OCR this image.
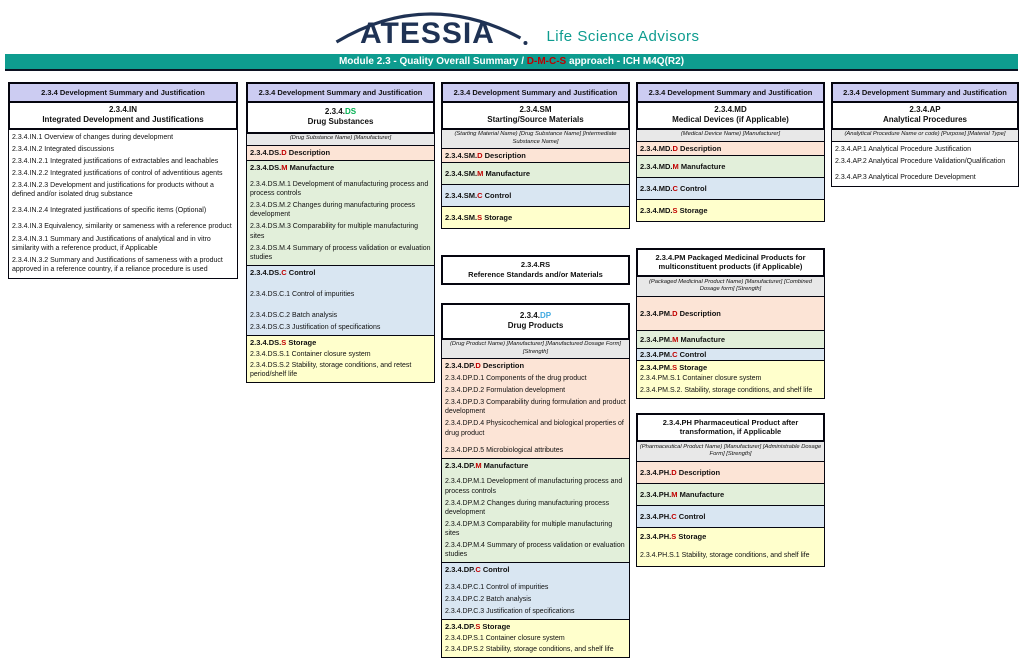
ATESSIA	Life Science Advisors
Module 2.3 - Quality Overall Summary / D-M-C-S approach - ICH M4Q(R2)
2.3.4 Development Summary and Justification
2.3.4.IN
Integrated Development and Justifications
2.3.4.IN.1 Overview of changes during development
2.3.4.IN.2 Integrated discussions
2.3.4.IN.2.1 Integrated justifications of extractables and leachables
2.3.4.IN.2.2 Integrated justifications of control of adventitious agents
2.3.4.IN.2.3 Development and justifications for products without a defined and/or isolated drug substance
2.3.4.IN.2.4 Integrated justifications of specific items (Optional)
2.3.4.IN.3 Equivalency, similarity or sameness with a reference product
2.3.4.IN.3.1 Summary and Justifications of analytical and in vitro similarity with a reference product, if Applicable
2.3.4.IN.3.2 Summary and Justifications of sameness with a product approved in a reference country, if a reliance procedure is used
2.3.4 Development Summary and Justification
2.3.4.DS
Drug Substances
(Drug Substance Name) [Manufacturer]
2.3.4.DS.D Description
2.3.4.DS.M Manufacture
2.3.4.DS.M.1 Development of manufacturing process and process controls
2.3.4.DS.M.2 Changes during manufacturing process development
2.3.4.DS.M.3 Comparability for multiple manufacturing sites
2.3.4.DS.M.4 Summary of process validation or evaluation studies
2.3.4.DS.C Control
2.3.4.DS.C.1 Control of impurities
2.3.4.DS.C.2 Batch analysis
2.3.4.DS.C.3 Justification of specifications
2.3.4.DS.S Storage
2.3.4.DS.S.1 Container closure system
2.3.4.DS.S.2 Stability, storage conditions, and retest period/shelf life
2.3.4 Development Summary and Justification
2.3.4.SM
Starting/Source Materials
(Starting Material Name) [Drug Substance Name] [Intermediate Substance Name]
2.3.4.SM.D Description
2.3.4.SM.M Manufacture
2.3.4.SM.C Control
2.3.4.SM.S Storage
2.3.4.RS
Reference Standards and/or Materials
2.3.4.DP
Drug Products
(Drug Product Name) [Manufacturer] [Manufactured Dosage Form] [Strength]
2.3.4.DP.D Description
2.3.4.DP.D.1 Components of the drug product
2.3.4.DP.D.2 Formulation development
2.3.4.DP.D.3 Comparability during formulation and product development
2.3.4.DP.D.4 Physicochemical and biological properties of drug product
2.3.4.DP.D.5 Microbiological attributes
2.3.4.DP.M Manufacture
2.3.4.DP.M.1 Development of manufacturing process and process controls
2.3.4.DP.M.2 Changes during manufacturing process development
2.3.4.DP.M.3 Comparability for multiple manufacturing sites
2.3.4.DP.M.4 Summary of process validation or evaluation studies
2.3.4.DP.C Control
2.3.4.DP.C.1 Control of impurities
2.3.4.DP.C.2 Batch analysis
2.3.4.DP.C.3 Justification of specifications
2.3.4.DP.S Storage
2.3.4.DP.S.1 Container closure system
2.3.4.DP.S.2 Stability, storage conditions, and shelf life
2.3.4 Development Summary and Justification
2.3.4.MD
Medical Devices (if Applicable)
(Medical Device Name) [Manufacturer]
2.3.4.MD.D Description
2.3.4.MD.M Manufacture
2.3.4.MD.C Control
2.3.4.MD.S Storage
2.3.4.PM Packaged Medicinal Products for multiconstituent products (if Applicable)
(Packaged Medicinal Product Name) [Manufacturer] [Combined Dosage form] [Strength]
2.3.4.PM.D Description
2.3.4.PM.M Manufacture
2.3.4.PM.C Control
2.3.4.PM.S Storage
2.3.4.PM.S.1 Container closure system
2.3.4.PM.S.2. Stability, storage conditions, and shelf life
2.3.4.PH Pharmaceutical Product after transformation, if Applicable
(Pharmaceutical Product Name) [Manufacturer] [Administrable Dosage Form] [Strength]
2.3.4.PH.D Description
2.3.4.PH.M Manufacture
2.3.4.PH.C Control
2.3.4.PH.S Storage
2.3.4.PH.S.1 Stability, storage conditions, and shelf life
2.3.4 Development Summary and Justification
2.3.4.AP
Analytical Procedures
(Analytical Procedure Name or code) [Purpose] [Material Type]
2.3.4.AP.1 Analytical Procedure Justification
2.3.4.AP.2 Analytical Procedure Validation/Qualification
2.3.4.AP.3 Analytical Procedure Development
